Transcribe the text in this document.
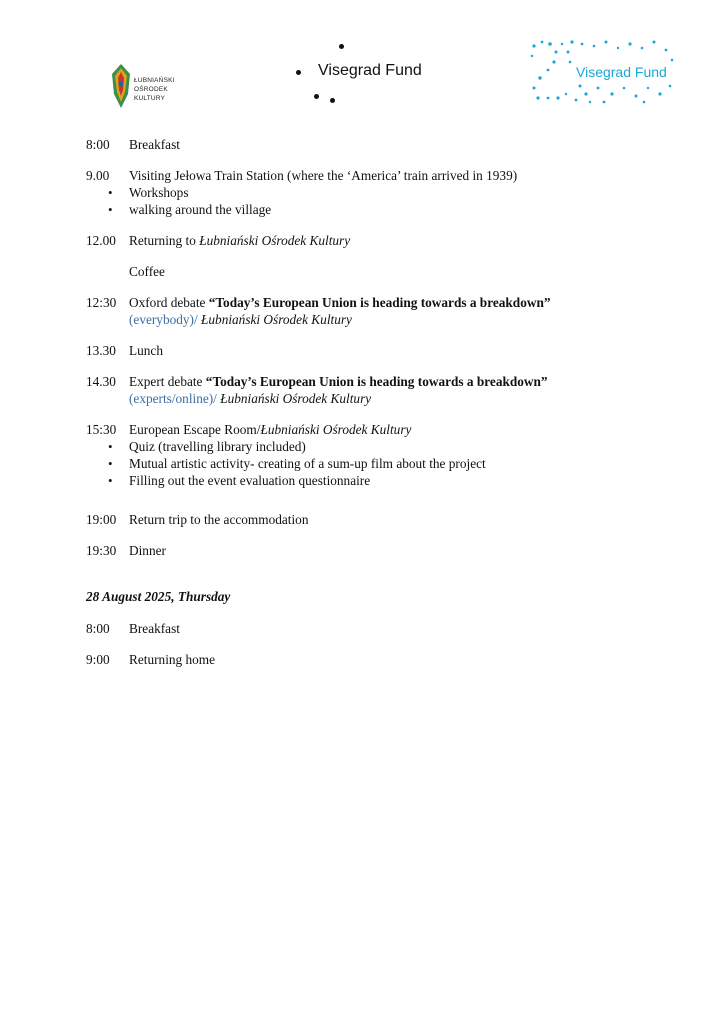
ŁUBNIAŃSKI
OŚRODEK
KULTURY
Visegrad Fund	Visegrad Fund
8:00	Breakfast
9.00	Visiting Jełowa Train Station (where the ‘America’ train arrived in 1939)
• Workshops
• walking around the village
12.00 Returning to Łubniański Ośrodek Kultury
Coffee
12:30 Oxford debate “Today’s European Union is heading towards a breakdown”
(everybody)/ Łubniański Ośrodek Kultury
13.30 Lunch
14.30 Expert debate “Today’s European Union is heading towards a breakdown”
(experts/online)/ Łubniański Ośrodek Kultury
15:30 European Escape Room/Łubniański Ośrodek Kultury
• Quiz (travelling library included)
• Mutual artistic activity- creating of a sum-up film about the project
• Filling out the event evaluation questionnaire
19:00 Return trip to the accommodation
19:30 Dinner
28 August 2025, Thursday
8:00	Breakfast
9:00	Returning home
